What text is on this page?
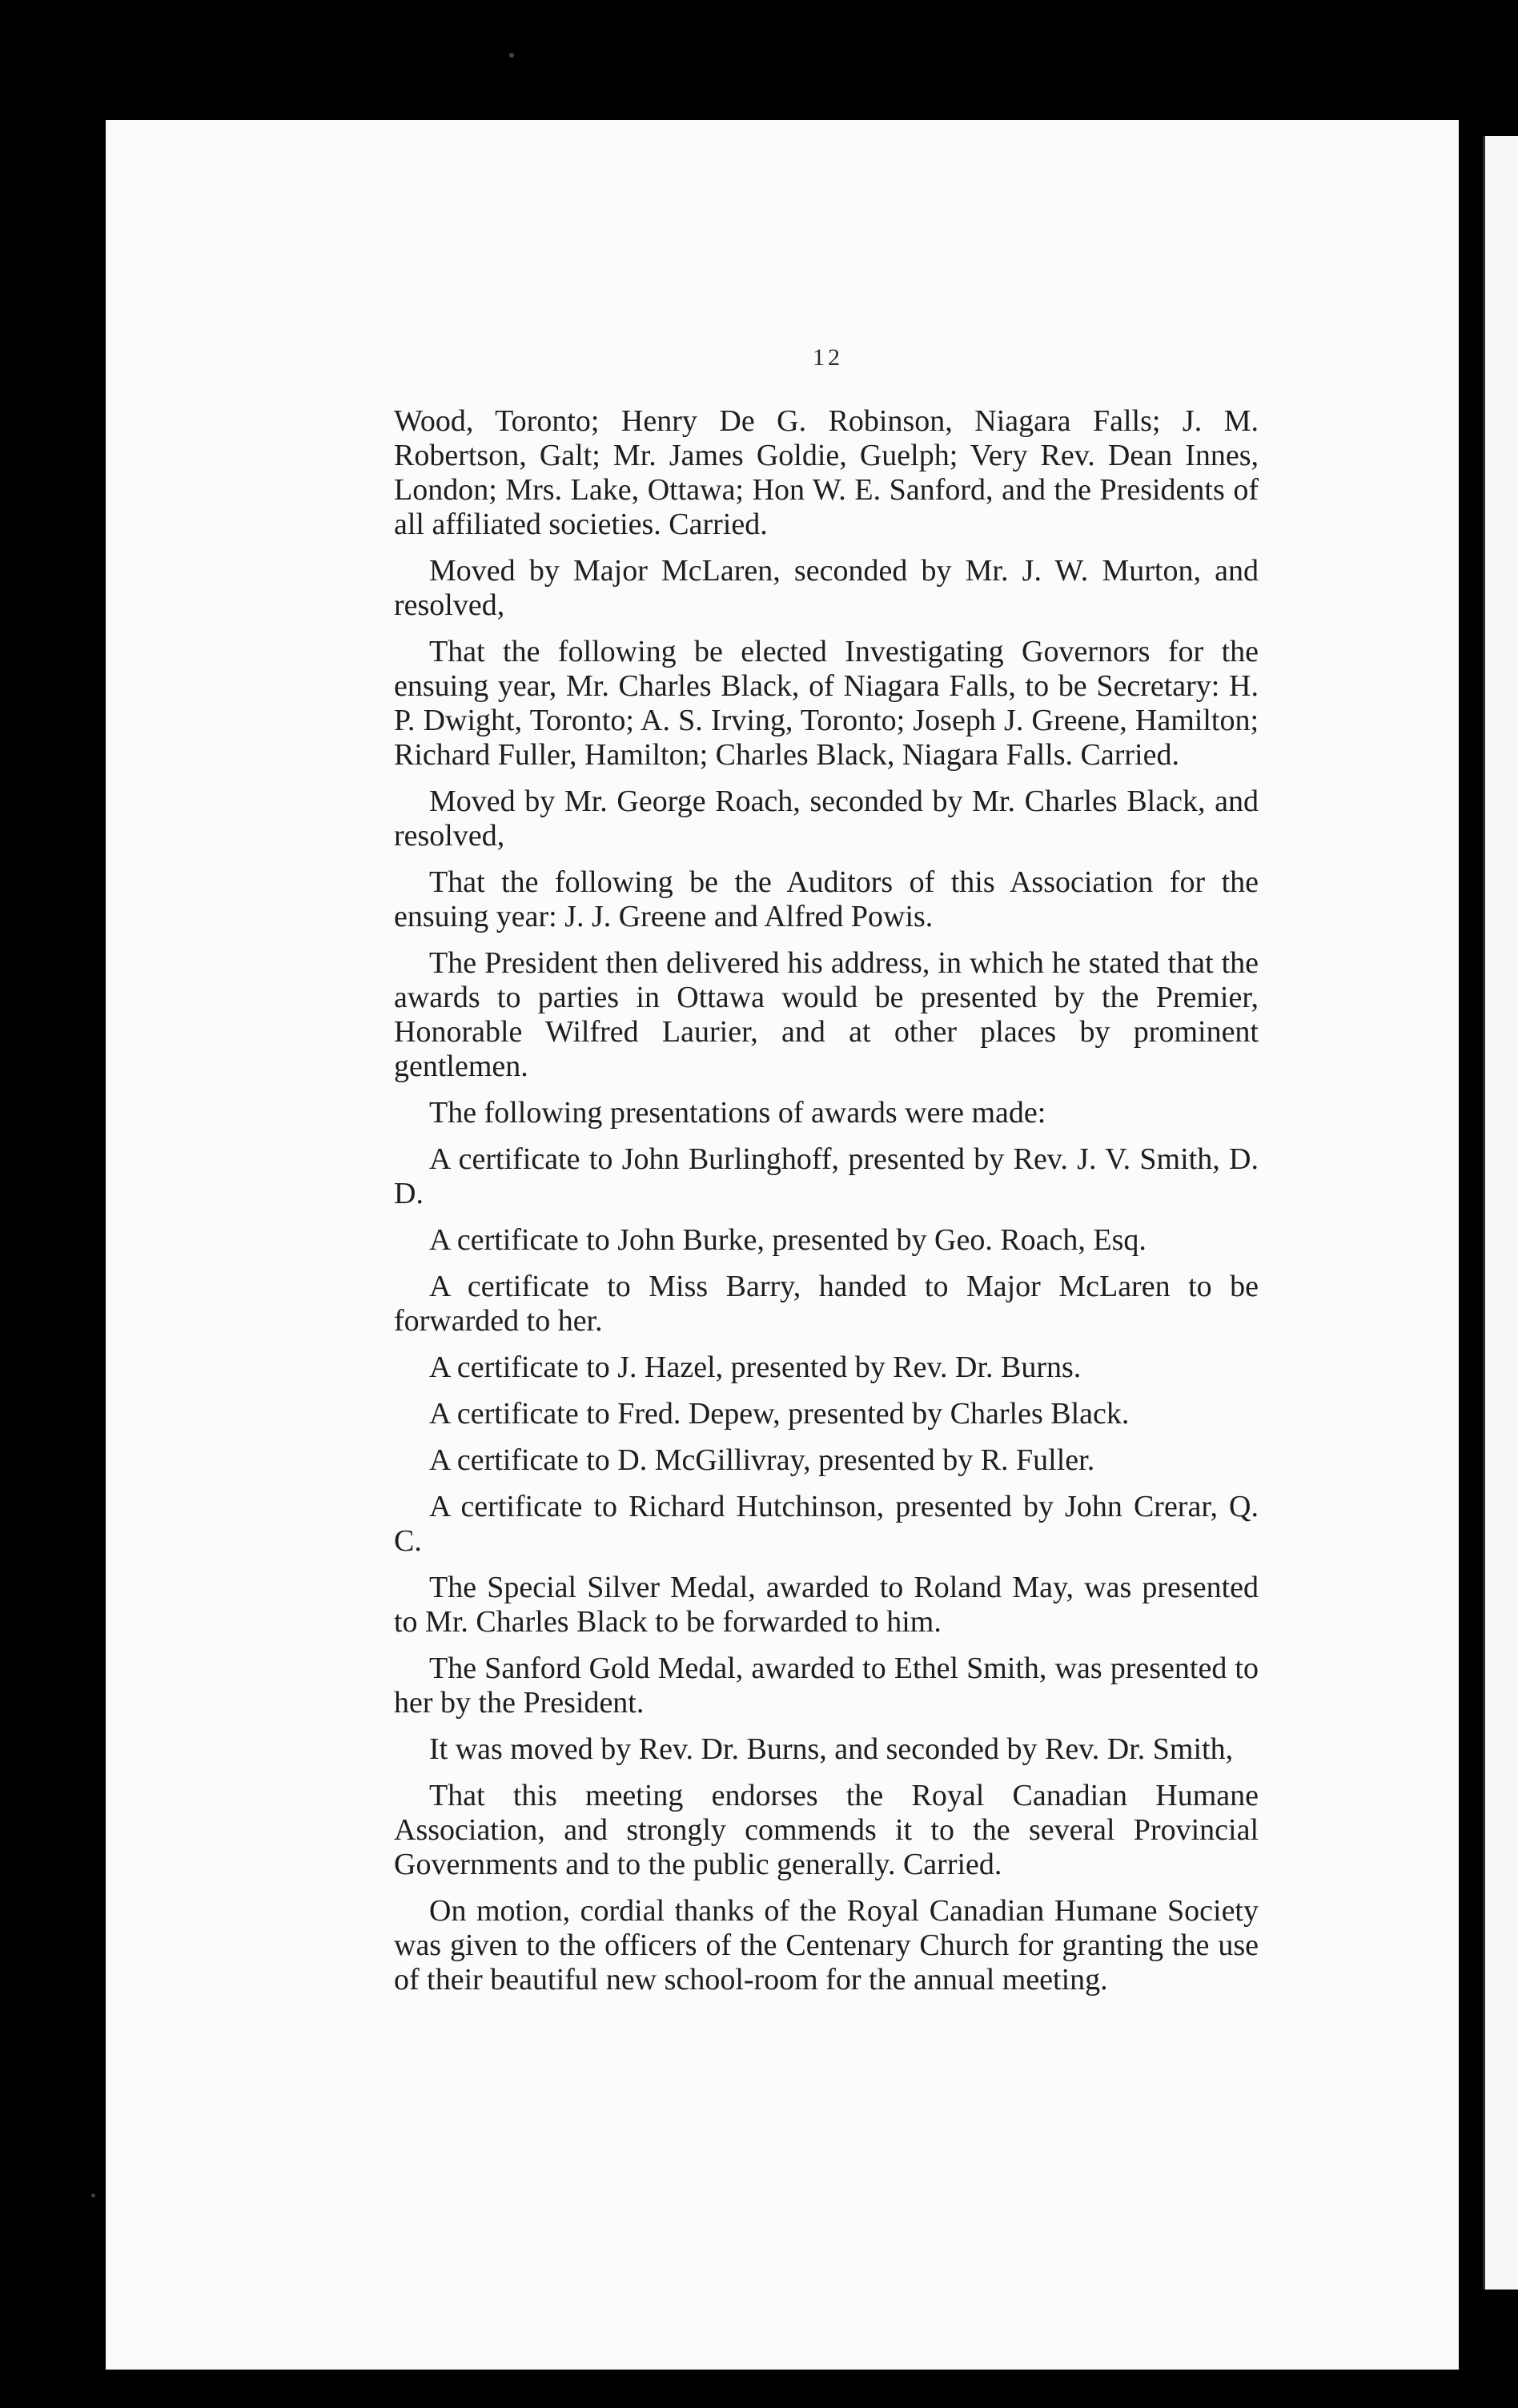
12

Wood, Toronto; Henry De G. Robinson, Niagara Falls; J. M. Robertson, Galt; Mr. James Goldie, Guelph; Very Rev. Dean Innes, London; Mrs. Lake, Ottawa; Hon W. E. Sanford, and the Presidents of all affiliated societies. Carried.

Moved by Major McLaren, seconded by Mr. J. W. Murton, and resolved,

That the following be elected Investigating Governors for the ensuing year, Mr. Charles Black, of Niagara Falls, to be Secretary: H. P. Dwight, Toronto; A. S. Irving, Toronto; Joseph J. Greene, Hamilton; Richard Fuller, Hamilton; Charles Black, Niagara Falls. Carried.

Moved by Mr. George Roach, seconded by Mr. Charles Black, and resolved,

That the following be the Auditors of this Association for the ensuing year: J. J. Greene and Alfred Powis.

The President then delivered his address, in which he stated that the awards to parties in Ottawa would be presented by the Premier, Honorable Wilfred Laurier, and at other places by prominent gentlemen.

The following presentations of awards were made:

A certificate to John Burlinghoff, presented by Rev. J. V. Smith, D. D.

A certificate to John Burke, presented by Geo. Roach, Esq.

A certificate to Miss Barry, handed to Major McLaren to be forwarded to her.

A certificate to J. Hazel, presented by Rev. Dr. Burns.

A certificate to Fred. Depew, presented by Charles Black.

A certificate to D. McGillivray, presented by R. Fuller.

A certificate to Richard Hutchinson, presented by John Crerar, Q. C.

The Special Silver Medal, awarded to Roland May, was presented to Mr. Charles Black to be forwarded to him.

The Sanford Gold Medal, awarded to Ethel Smith, was presented to her by the President.

It was moved by Rev. Dr. Burns, and seconded by Rev. Dr. Smith,

That this meeting endorses the Royal Canadian Humane Association, and strongly commends it to the several Provincial Governments and to the public generally. Carried.

On motion, cordial thanks of the Royal Canadian Humane Society was given to the officers of the Centenary Church for granting the use of their beautiful new school-room for the annual meeting.
